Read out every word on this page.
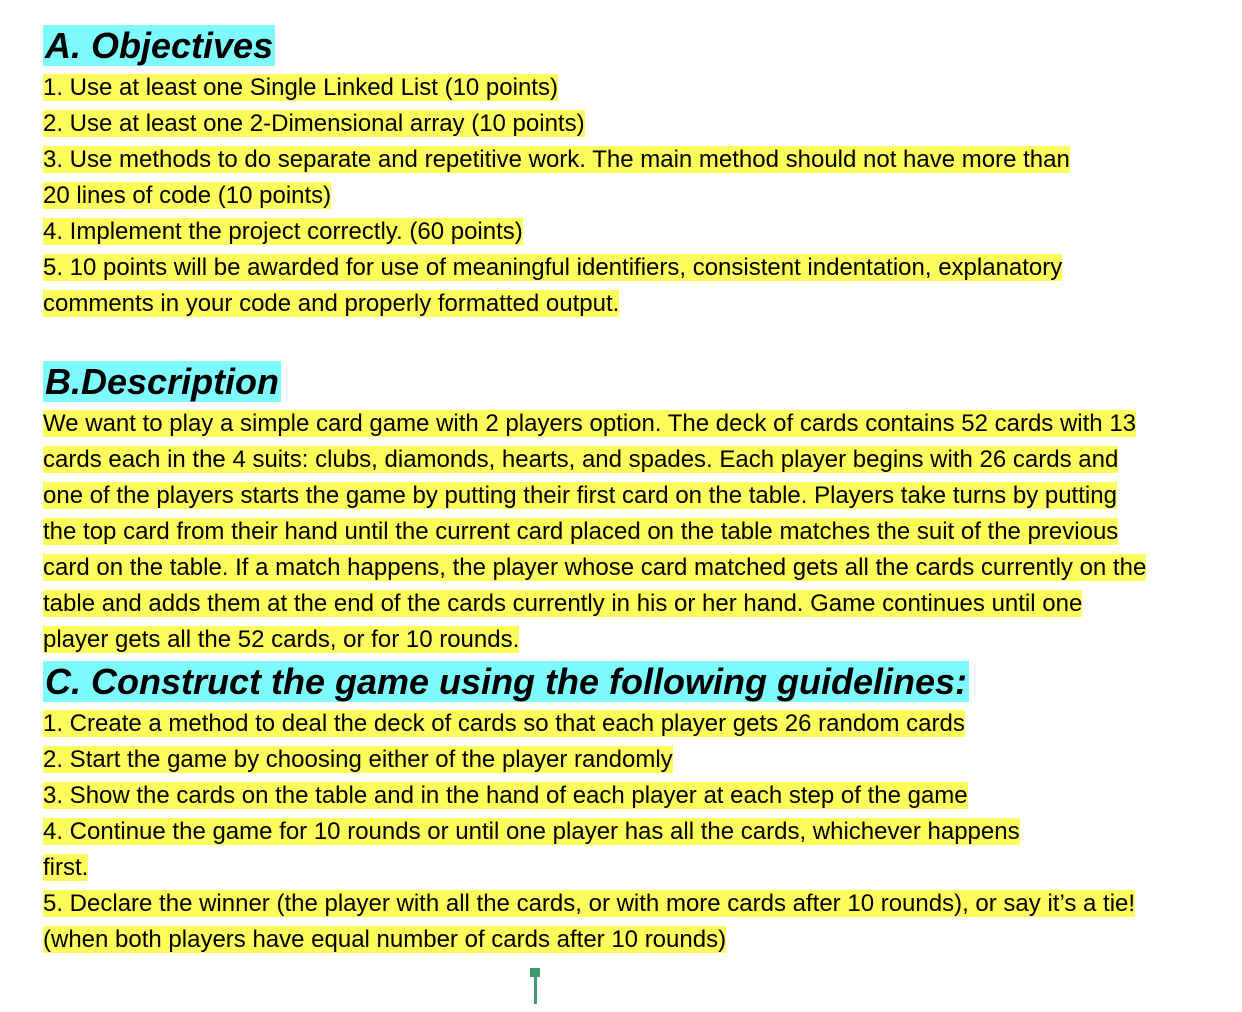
A. Objectives

1. Use at least one Single Linked List (10 points)

2. Use at least one 2-Dimensional array (10 points)

3. Use methods to do separate and repetitive work. The main method should not have more than 20 lines of code (10 points)

4. Implement the project correctly. (60 points)

5. 10 points will be awarded for use of meaningful identifiers, consistent indentation, explanatory comments in your code and properly formatted output.

B.Description

We want to play a simple card game with 2 players option. The deck of cards contains 52 cards with 13 cards each in the 4 suits: clubs, diamonds, hearts, and spades. Each player begins with 26 cards and one of the players starts the game by putting their first card on the table. Players take turns by putting the top card from their hand until the current card placed on the table matches the suit of the previous card on the table. If a match happens, the player whose card matched gets all the cards currently on the table and adds them at the end of the cards currently in his or her hand. Game continues until one player gets all the 52 cards, or for 10 rounds.

C. Construct the game using the following guidelines:

1. Create a method to deal the deck of cards so that each player gets 26 random cards

2. Start the game by choosing either of the player randomly

3. Show the cards on the table and in the hand of each player at each step of the game

4. Continue the game for 10 rounds or until one player has all the cards, whichever happens first.

5. Declare the winner (the player with all the cards, or with more cards after 10 rounds), or say it’s a tie! (when both players have equal number of cards after 10 rounds)
